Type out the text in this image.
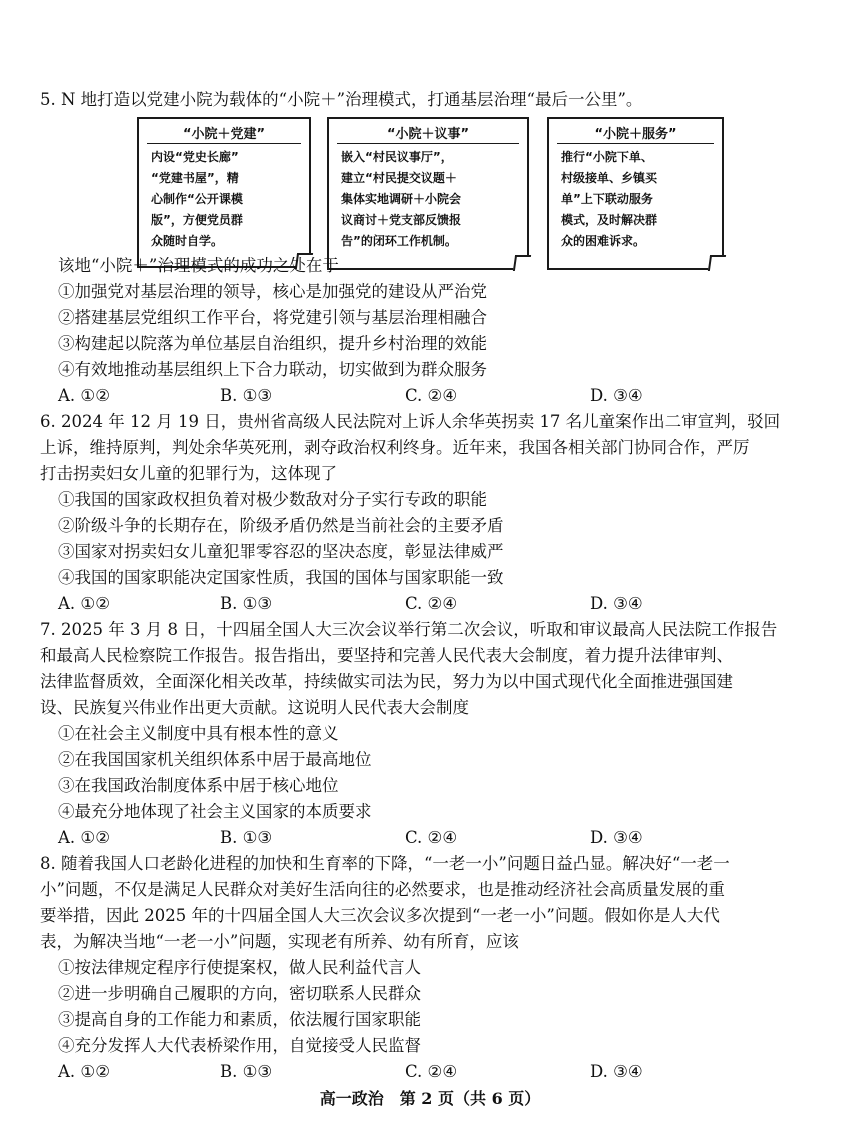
5. N 地打造以党建小院为载体的“小院＋”治理模式，打通基层治理“最后一公里”。
“小院＋党建”
内设“党史长廊”
“党建书屋”，精
心制作“公开课模
版”，方便党员群
众随时自学。
“小院＋议事”
嵌入“村民议事厅”，
建立“村民提交议题＋
集体实地调研＋小院会
议商讨＋党支部反馈报
告”的闭环工作机制。
“小院＋服务”
推行“小院下单、
村级接单、乡镇买
单”上下联动服务
模式，及时解决群
众的困难诉求。
该地“小院＋”治理模式的成功之处在于
①加强党对基层治理的领导，核心是加强党的建设从严治党
②搭建基层党组织工作平台，将党建引领与基层治理相融合
③构建起以院落为单位基层自治组织，提升乡村治理的效能
④有效地推动基层组织上下合力联动，切实做到为群众服务
A. ①②	B. ①③	C. ②④	D. ③④
6. 2024 年 12 月 19 日，贵州省高级人民法院对上诉人余华英拐卖 17 名儿童案作出二审宣判，驳回
上诉，维持原判，判处余华英死刑，剥夺政治权利终身。近年来，我国各相关部门协同合作，严厉
打击拐卖妇女儿童的犯罪行为，这体现了
①我国的国家政权担负着对极少数敌对分子实行专政的职能
②阶级斗争的长期存在，阶级矛盾仍然是当前社会的主要矛盾
③国家对拐卖妇女儿童犯罪零容忍的坚决态度，彰显法律威严
④我国的国家职能决定国家性质，我国的国体与国家职能一致
A. ①②	B. ①③	C. ②④	D. ③④
7. 2025 年 3 月 8 日，十四届全国人大三次会议举行第二次会议，听取和审议最高人民法院工作报告
和最高人民检察院工作报告。报告指出，要坚持和完善人民代表大会制度，着力提升法律审判、
法律监督质效，全面深化相关改革，持续做实司法为民，努力为以中国式现代化全面推进强国建
设、民族复兴伟业作出更大贡献。这说明人民代表大会制度
①在社会主义制度中具有根本性的意义
②在我国国家机关组织体系中居于最高地位
③在我国政治制度体系中居于核心地位
④最充分地体现了社会主义国家的本质要求
A. ①②	B. ①③	C. ②④	D. ③④
8. 随着我国人口老龄化进程的加快和生育率的下降，“一老一小”问题日益凸显。解决好“一老一
小”问题，不仅是满足人民群众对美好生活向往的必然要求，也是推动经济社会高质量发展的重
要举措，因此 2025 年的十四届全国人大三次会议多次提到“一老一小”问题。假如你是人大代
表，为解决当地“一老一小”问题，实现老有所养、幼有所育，应该
①按法律规定程序行使提案权，做人民利益代言人
②进一步明确自己履职的方向，密切联系人民群众
③提高自身的工作能力和素质，依法履行国家职能
④充分发挥人大代表桥梁作用，自觉接受人民监督
A. ①②	B. ①③	C. ②④	D. ③④
高一政治　第 2 页（共 6 页）
